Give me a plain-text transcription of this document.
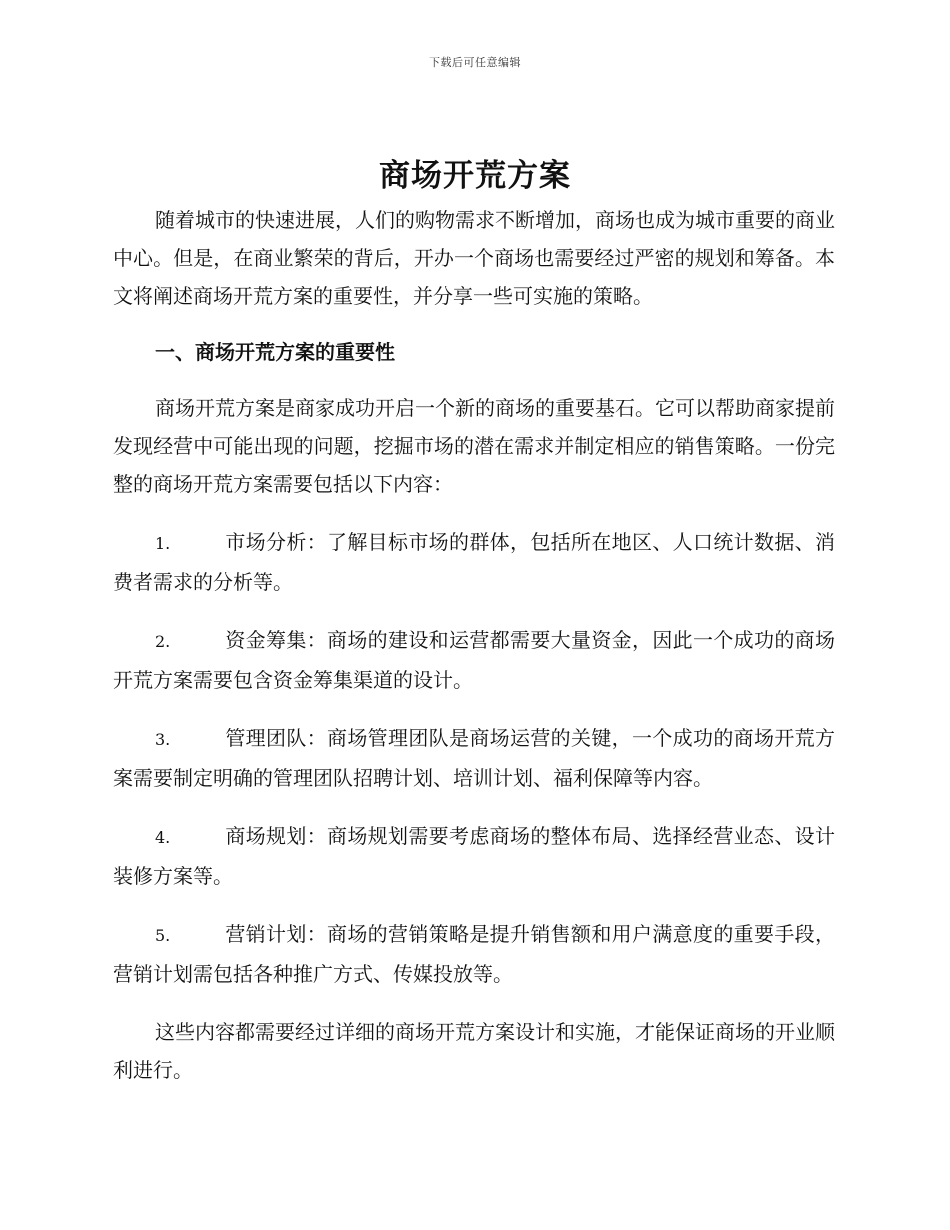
下载后可任意编辑
商场开荒方案

随着城市的快速进展，人们的购物需求不断增加，商场也成为城市重要的商业中心。但是，在商业繁荣的背后，开办一个商场也需要经过严密的规划和筹备。本文将阐述商场开荒方案的重要性，并分享一些可实施的策略。

一、商场开荒方案的重要性

商场开荒方案是商家成功开启一个新的商场的重要基石。它可以帮助商家提前发现经营中可能出现的问题，挖掘市场的潜在需求并制定相应的销售策略。一份完整的商场开荒方案需要包括以下内容：

1.	市场分析：了解目标市场的群体，包括所在地区、人口统计数据、消费者需求的分析等。

2.	资金筹集：商场的建设和运营都需要大量资金，因此一个成功的商场开荒方案需要包含资金筹集渠道的设计。

3.	管理团队：商场管理团队是商场运营的关键，一个成功的商场开荒方案需要制定明确的管理团队招聘计划、培训计划、福利保障等内容。

4.	商场规划：商场规划需要考虑商场的整体布局、选择经营业态、设计装修方案等。

5.	营销计划：商场的营销策略是提升销售额和用户满意度的重要手段，营销计划需包括各种推广方式、传媒投放等。

这些内容都需要经过详细的商场开荒方案设计和实施，才能保证商场的开业顺利进行。
